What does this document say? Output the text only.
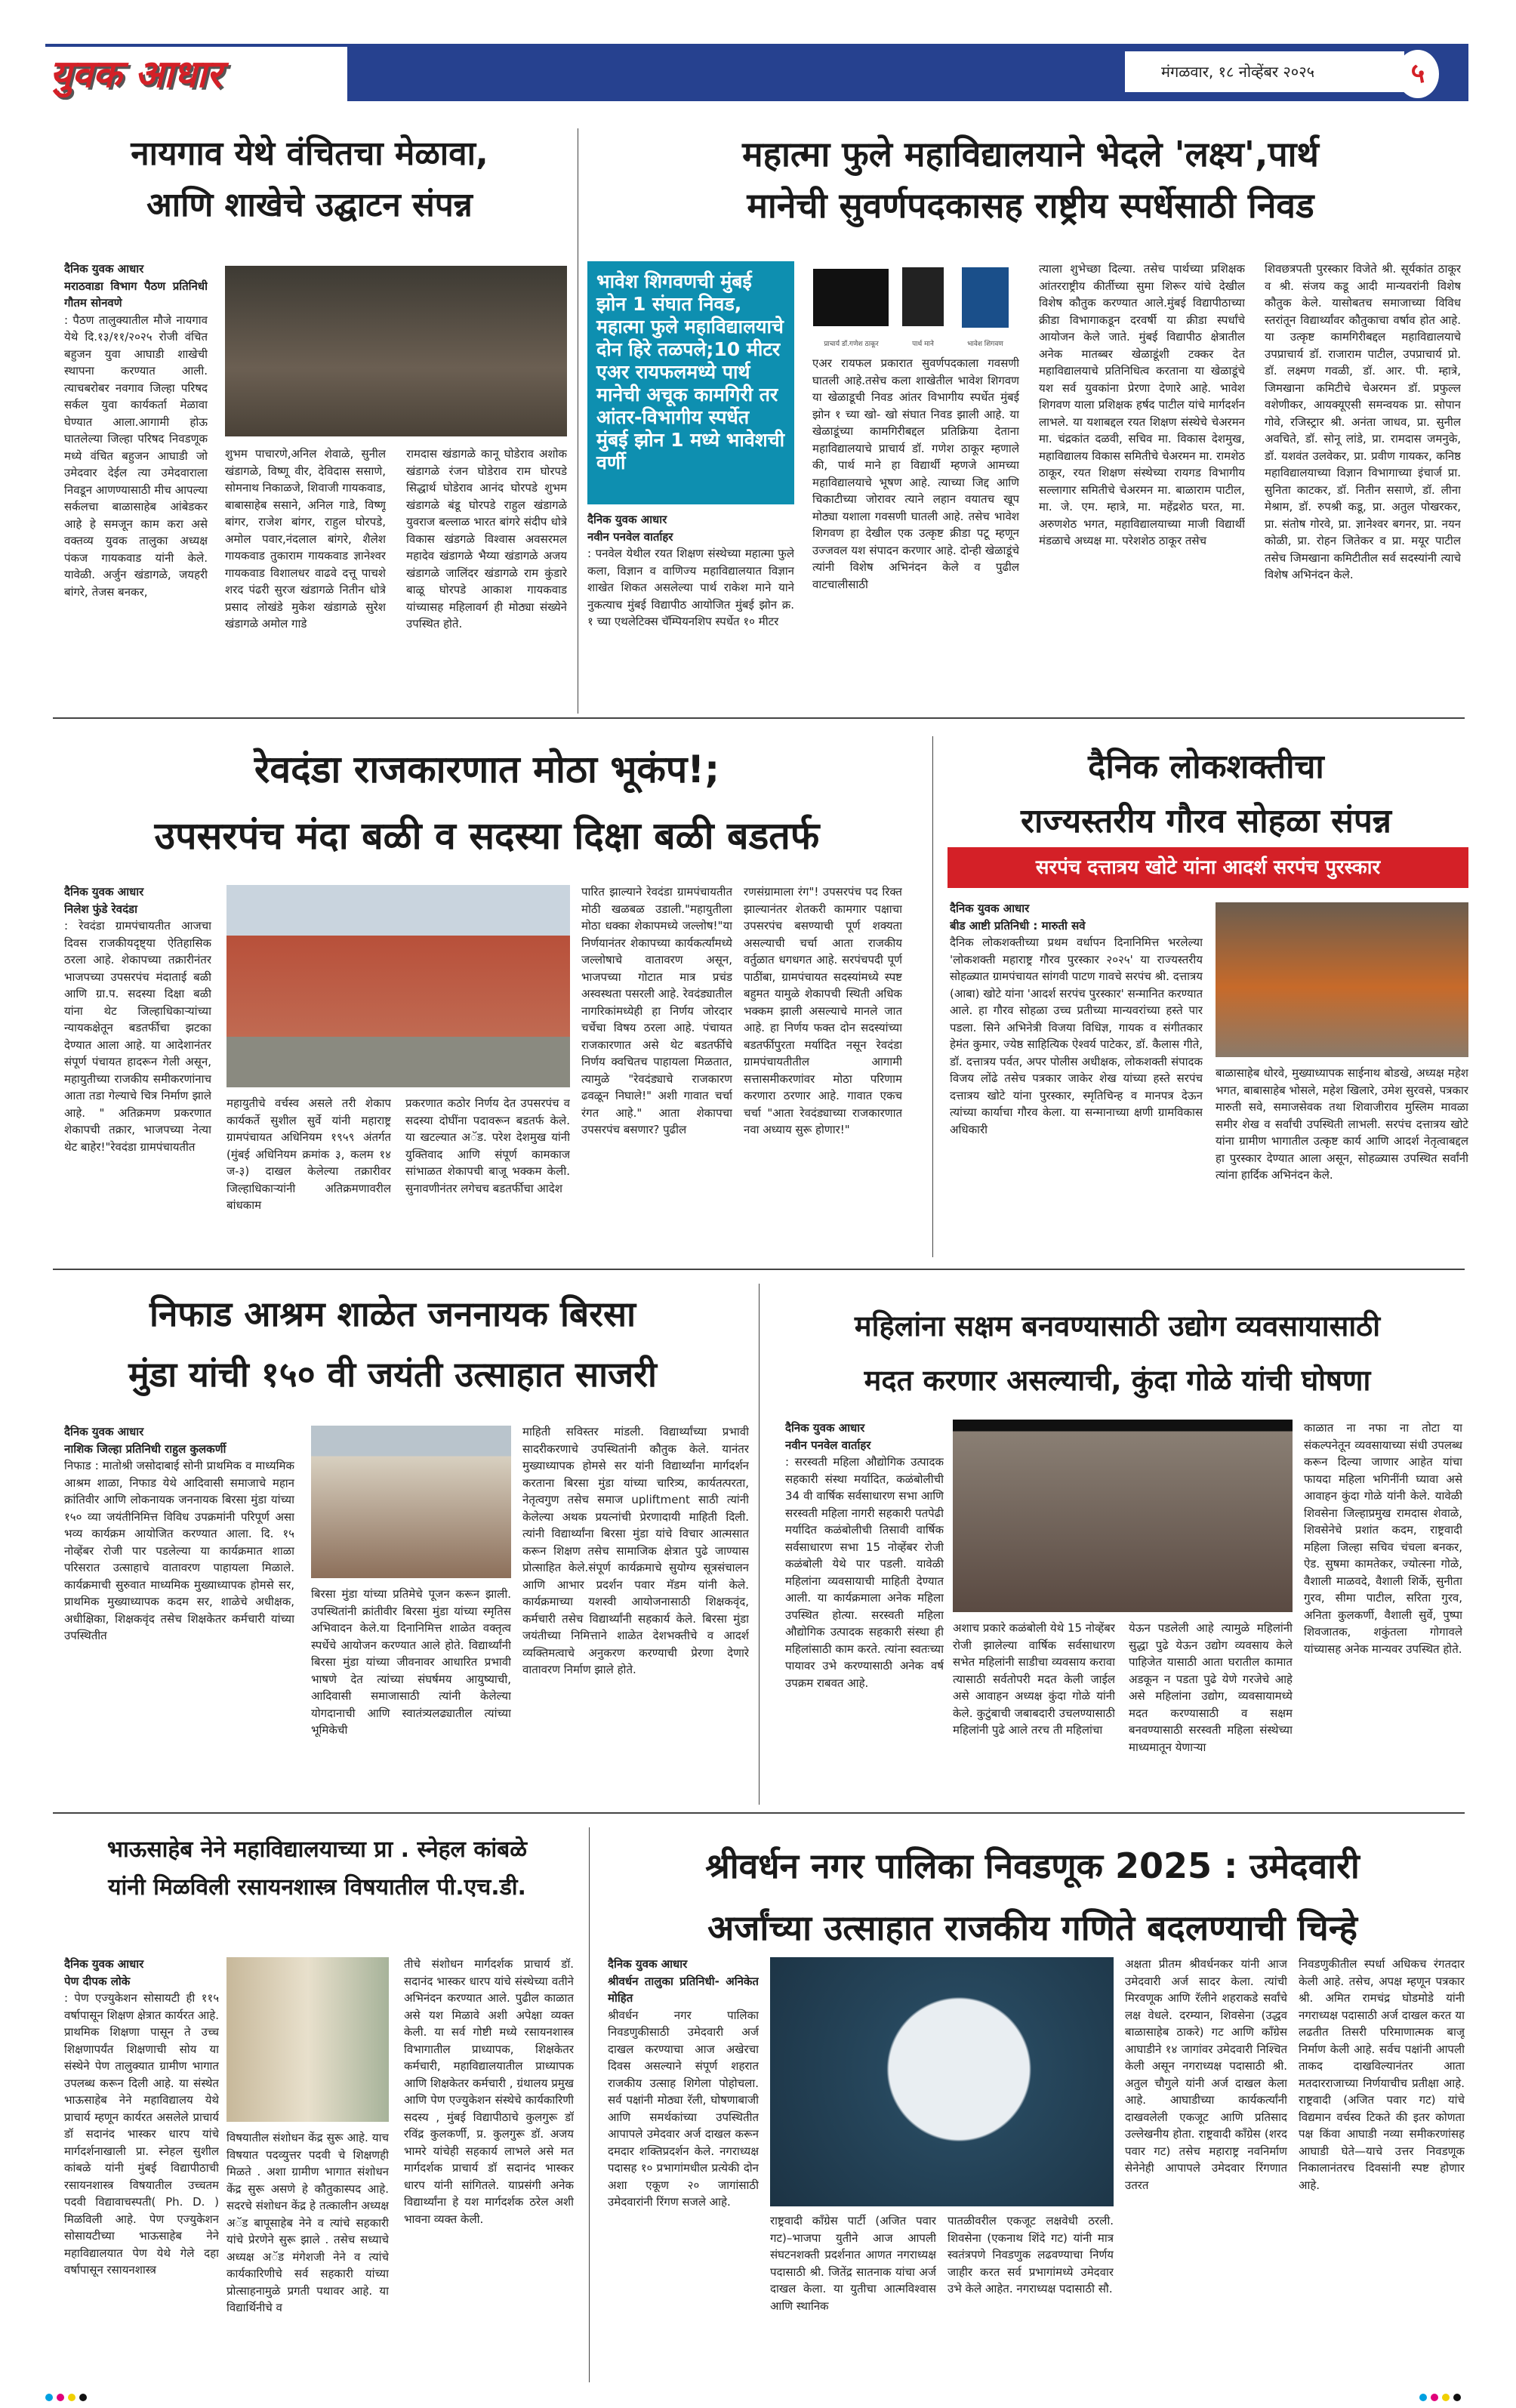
युवक आधार	मंगळवार, १८ नोव्हेंबर २०२५	५
नायगाव येथे वंचितचा मेळावा,
आणि शाखेचे उद्घाटन संपन्न
दैनिक युवक आधार
मराठवाडा विभाग पैठण प्रतिनिधी गौतम सोनवणे
: पैठण तालुक्यातील मौजे नायगाव येथे दि.१३/११/२०२५ रोजी वंचित बहुजन युवा आघाडी शाखेची स्थापना करण्यात आली. त्याचबरोबर नवगाव जिल्हा परिषद सर्कल युवा कार्यकर्ता मेळावा घेण्यात आला.आगामी होऊ घातलेल्या जिल्हा परिषद निवडणूक मध्ये वंचित बहुजन आघाडी जो उमेदवार देईल त्या उमेदवाराला निवडून आणण्यासाठी मीच आपल्या सर्कलचा बाळासाहेब आंबेडकर आहे हे समजून काम करा असे वक्तव्य युवक तालुका अध्यक्ष पंकज गायकवाड यांनी केले. यावेळी. अर्जुन खंडागळे, जयहरी बांगरे, तेजस बनकर,
शुभम पाचारणे,अनिल शेवाळे, सुनील खंडागळे, विष्णू वीर, देविदास ससाणे, सोमनाथ निकाळजे, शिवाजी गायकवाड, बाबासाहेब ससाने, अनिल गाडे, विष्णू बांगर, राजेश बांगर, राहुल घोरपडे, अमोल पवार,नंदलाल बांगरे, शैलेश गायकवाड तुकाराम गायकवाड ज्ञानेश्वर गायकवाड विशालधर वाढवे दत्तू पाचशे शरद पंढरी सुरज खंडागळे नितीन धोत्रे प्रसाद लोखंडे मुकेश खंडागळे सुरेश खंडागळे अमोल गाडे
रामदास खंडागळे कानू घोडेराव अशोक खंडागळे रंजन घोडेराव राम घोरपडे सिद्धार्थ घोडेराव आनंद घोरपडे शुभम खंडागळे बंडू घोरपडे राहुल खंडागळे युवराज बल्लाळ भारत बांगरे संदीप धोत्रे विकास खंडगळे विश्वास अवसरमल महादेव खंडागळे भैय्या खंडागळे अजय खंडागळे जालिंदर खंडागळे राम कुंडारे बाळू घोरपडे आकाश गायकवाड यांच्यासह महिलावर्ग ही मोठ्या संख्येने उपस्थित होते.
महात्मा फुले महाविद्यालयाने भेदले 'लक्ष्य',पार्थ
मानेची सुवर्णपदकासह राष्ट्रीय स्पर्धेसाठी निवड
भावेश शिगवणची मुंबई झोन 1 संघात निवड, महात्मा फुले महाविद्यालयाचे दोन हिरे तळपले;10 मीटर एअर रायफलमध्ये पार्थ मानेची अचूक कामगिरी तर आंतर-विभागीय स्पर्धेत मुंबई झोन 1 मध्ये भावेशची वर्णी
प्राचार्य डॉ.गणेश ठाकूर	पार्थ माने	भावेश शिगवण
दैनिक युवक आधार
नवीन पनवेल वार्ताहर
: पनवेल येथील रयत शिक्षण संस्थेच्या महात्मा फुले कला, विज्ञान व वाणिज्य महाविद्यालयात विज्ञान शाखेत शिकत असलेल्या पार्थ राकेश माने याने नुकत्याच मुंबई विद्यापीठ आयोजित मुंबई झोन क्र. १ च्या एथलेटिक्स चॅम्पियनशिप स्पर्धेत १० मीटर
एअर रायफल प्रकारात सुवर्णपदकाला गवसणी घातली आहे.तसेच कला शाखेतील भावेश शिगवण या खेळाडूची निवड आंतर विभागीय स्पर्धेत मुंबई झोन १ च्या खो- खो संघात निवड झाली आहे. या खेळाडूंच्या कामगिरीबद्दल प्रतिक्रिया देताना महाविद्यालयाचे प्राचार्य डॉ. गणेश ठाकूर म्हणाले की, पार्थ माने हा विद्यार्थी म्हणजे आमच्या महाविद्यालयाचे भूषण आहे. त्याच्या जिद्द आणि चिकाटीच्या जोरावर त्याने लहान वयातच खूप मोठ्या यशाला गवसणी घातली आहे. तसेच भावेश शिगवण हा देखील एक उत्कृष्ट क्रीडा पटू म्हणून उज्जवल यश संपादन करणार आहे. दोन्ही खेळाडूंचे त्यांनी विशेष अभिनंदन केले व पुढील वाटचालीसाठी
त्याला शुभेच्छा दिल्या. तसेच पार्थच्या प्रशिक्षक आंतरराष्ट्रीय कीर्तीच्या सुमा शिरूर यांचे देखील विशेष कौतुक करण्यात आले.मुंबई विद्यापीठाच्या क्रीडा विभागाकडून दरवर्षी या क्रीडा स्पर्धांचे आयोजन केले जाते. मुंबई विद्यापीठ क्षेत्रातील अनेक मातब्बर खेळाडूंशी टक्कर देत महाविद्यालयाचे प्रतिनिधित्व करताना या खेळाडूंचे यश सर्व युवकांना प्रेरणा देणारे आहे. भावेश शिगवण याला प्रशिक्षक हर्षद पाटील यांचे मार्गदर्शन लाभले. या यशाबद्दल रयत शिक्षण संस्थेचे चेअरमन मा. चंद्रकांत दळवी, सचिव मा. विकास देशमुख, महाविद्यालय विकास समितीचे चेअरमन मा. रामशेठ ठाकूर, रयत शिक्षण संस्थेच्या रायगड विभागीय सल्लागार समितीचे चेअरमन मा. बाळाराम पाटील, मा. जे. एम. म्हात्रे, मा. महेंद्रशेठ घरत, मा. अरुणशेठ भगत, महाविद्यालयाच्या माजी विद्यार्थी मंडळाचे अध्यक्ष मा. परेशशेठ ठाकूर तसेच
शिवछत्रपती पुरस्कार विजेते श्री. सूर्यकांत ठाकूर व श्री. संजय कडू आदी मान्यवरांनी विशेष कौतुक केले. यासोबतच समाजाच्या विविध स्तरांतून विद्यार्थ्यांवर कौतुकाचा वर्षाव होत आहे. या उत्कृष्ट कामगिरीबद्दल महाविद्यालयाचे उपप्राचार्य डॉ. राजाराम पाटील, उपप्राचार्य प्रो. डॉ. लक्ष्मण गवळी, डॉ. आर. पी. म्हात्रे, जिमखाना कमिटीचे चेअरमन डॉ. प्रफुल्ल वशेणीकर, आयक्यूएसी समन्वयक प्रा. सोपान गोवे, रजिस्ट्रार श्री. अनंता जाधव, प्रा. सुनील अवचिते, डॉ. सोनू लांडे, प्रा. रामदास जमनुके, डॉ. यशवंत उलवेकर, प्रा. प्रवीण गायकर, कनिष्ठ महाविद्यालयाच्या विज्ञान विभागाच्या इंचार्ज प्रा. सुनिता काटकर, डॉ. नितीन ससाणे, डॉ. लीना मेश्राम, डॉ. रुपश्री कडू, प्रा. अतुल पोखरकर, प्रा. संतोष गोरवे, प्रा. ज्ञानेश्वर बगनर, प्रा. नयन कोळी, प्रा. रोहन जितेकर व प्रा. मयूर पाटील तसेच जिमखाना कमिटीतील सर्व सदस्यांनी त्याचे विशेष अभिनंदन केले.
रेवदंडा राजकारणात मोठा भूकंप!;
उपसरपंच मंदा बळी व सदस्या दिक्षा बळी बडतर्फ
दैनिक युवक आधार
निलेश फुंडे रेवदंडा
: रेवदंडा ग्रामपंचायतीत आजचा दिवस राजकीयदृष्ट्या ऐतिहासिक ठरला आहे. शेकापच्या तक्रारीनंतर भाजपच्या उपसरपंच मंदाताई बळी आणि ग्रा.प. सदस्या दिक्षा बळी यांना थेट जिल्हाधिकाऱ्यांच्या न्यायकक्षेतून बडतर्फीचा झटका देण्यात आला आहे. या आदेशानंतर संपूर्ण पंचायत हादरून गेली असून, महायुतीच्या राजकीय समीकरणांनाच आता तडा गेल्याचे चित्र निर्माण झाले आहे. " अतिक्रमण प्रकरणात शेकापची तक्रार, भाजपच्या नेत्या थेट बाहेर!"रेवदंडा ग्रामपंचायतीत
महायुतीचे वर्चस्व असले तरी शेकाप कार्यकर्ते सुशील सुर्वे यांनी महाराष्ट्र ग्रामपंचायत अधिनियम १९५९ अंतर्गत (मुंबई अधिनियम क्रमांक ३, कलम १४ ज-३) दाखल केलेल्या तक्रारीवर जिल्हाधिकाऱ्यांनी अतिक्रमणावरील बांधकाम
प्रकरणात कठोर निर्णय देत उपसरपंच व सदस्या दोघींना पदावरून बडतर्फ केले. या खटल्यात अॅड. परेश देशमुख यांनी युक्तिवाद आणि संपूर्ण कामकाज सांभाळत शेकापची बाजू भक्कम केली. सुनावणीनंतर लगेचच बडतर्फीचा आदेश
पारित झाल्याने रेवदंडा ग्रामपंचायतीत मोठी खळबळ उडाली."महायुतीला मोठा धक्का शेकापमध्ये जल्लोष!"या निर्णयानंतर शेकापच्या कार्यकर्त्यांमध्ये जल्लोषाचे वातावरण असून, भाजपच्या गोटात मात्र प्रचंड अस्वस्थता पसरली आहे. रेवदंड्यातील नागरिकांमध्येही हा निर्णय जोरदार चर्चेचा विषय ठरला आहे. पंचायत राजकारणात असे थेट बडतर्फीचे निर्णय क्वचितच पाहायला मिळतात, त्यामुळे "रेवदंड्याचे राजकारण ढवळून निघाले!" अशी गावात चर्चा रंगत आहे." आता शेकापचा उपसरपंच बसणार? पुढील
रणसंग्रामाला रंग"! उपसरपंच पद रिक्त झाल्यानंतर शेतकरी कामगार पक्षाचा उपसरपंच बसण्याची पूर्ण शक्यता असल्याची चर्चा आता राजकीय वर्तुळात धगधगत आहे. सरपंचपदी पूर्ण पाठींबा, ग्रामपंचायत सदस्यांमध्ये स्पष्ट बहुमत यामुळे शेकापची स्थिती अधिक भक्कम झाली असल्याचे मानले जात आहे. हा निर्णय फक्त दोन सदस्यांच्या बडतर्फीपुरता मर्यादित नसून रेवदंडा ग्रामपंचायतीतील आगामी सत्तासमीकरणांवर मोठा परिणाम करणारा ठरणार आहे. गावात एकच चर्चा "आता रेवदंड्याच्या राजकारणात नवा अध्याय सुरू होणार!"
दैनिक लोकशक्तीचा
राज्यस्तरीय गौरव सोहळा संपन्न
सरपंच दत्तात्रय खोटे यांना आदर्श सरपंच पुरस्कार
दैनिक युवक आधार
बीड आष्टी प्रतिनिधी : मारुती सवे
दैनिक लोकशक्तीच्या प्रथम वर्धापन दिनानिमित्त भरलेल्या 'लोकशक्ती महाराष्ट्र गौरव पुरस्कार २०२५' या राज्यस्तरीय सोहळ्यात ग्रामपंचायत सांगवी पाटण गावचे सरपंच श्री. दत्तात्रय (आबा) खोटे यांना 'आदर्श सरपंच पुरस्कार' सन्मानित करण्यात आले. हा गौरव सोहळा उच्च प्रतीच्या मान्यवरांच्या हस्ते पार पडला. सिने अभिनेत्री विजया विधिज्ञ, गायक व संगीतकार हेमंत कुमार, ज्येष्ठ साहित्यिक ऐश्वर्य पाटेकर, डॉ. कैलास गीते, डॉ. दत्तात्रय पर्वत, अपर पोलीस अधीक्षक, लोकशक्ती संपादक विजय लोंढे तसेच पत्रकार जाकेर शेख यांच्या हस्ते सरपंच दत्तात्रय खोटे यांना पुरस्कार, स्मृतिचिन्ह व मानपत्र देऊन त्यांच्या कार्याचा गौरव केला. या सन्मानाच्या क्षणी ग्रामविकास अधिकारी
बाळासाहेब धोरवे, मुख्याध्यापक साईनाथ बोडखे, अध्यक्ष महेश भगत, बाबासाहेब भोसले, महेश खिलारे, उमेश सुरवसे, पत्रकार मारुती सवे, समाजसेवक तथा शिवाजीराव मुस्लिम मावळा समीर शेख व सर्वांची उपस्थिती लाभली. सरपंच दत्तात्रय खोटे यांना ग्रामीण भागातील उत्कृष्ट कार्य आणि आदर्श नेतृत्वाबद्दल हा पुरस्कार देण्यात आला असून, सोहळ्यास उपस्थित सर्वांनी त्यांना हार्दिक अभिनंदन केले.
निफाड आश्रम शाळेत जननायक बिरसा
मुंडा यांची १५० वी जयंती उत्साहात साजरी
दैनिक युवक आधार
नाशिक जिल्हा प्रतिनिधी राहुल कुलकर्णी
निफाड : मातोश्री जसोदाबाई सोनी प्राथमिक व माध्यमिक आश्रम शाळा, निफाड येथे आदिवासी समाजाचे महान क्रांतिवीर आणि लोकनायक जननायक बिरसा मुंडा यांच्या १५० व्या जयंतीनिमित्त विविध उपक्रमांनी परिपूर्ण असा भव्य कार्यक्रम आयोजित करण्यात आला. दि. १५ नोव्हेंबर रोजी पार पडलेल्या या कार्यक्रमात शाळा परिसरात उत्साहाचे वातावरण पाहायला मिळाले. कार्यक्रमाची सुरुवात माध्यमिक मुख्याध्यापक होमसे सर, प्राथमिक मुख्याध्यापक कदम सर, शाळेचे अधीक्षक, अधीक्षिका, शिक्षकवृंद तसेच शिक्षकेतर कर्मचारी यांच्या उपस्थितीत
बिरसा मुंडा यांच्या प्रतिमेचे पूजन करून झाली. उपस्थितांनी क्रांतीवीर बिरसा मुंडा यांच्या स्मृतिस अभिवादन केले.या दिनानिमित्त शाळेत वक्तृत्व स्पर्धेचे आयोजन करण्यात आले होते. विद्यार्थ्यांनी बिरसा मुंडा यांच्या जीवनावर आधारित प्रभावी भाषणे देत त्यांच्या संघर्षमय आयुष्याची, आदिवासी समाजासाठी त्यांनी केलेल्या योगदानाची आणि स्वातंत्र्यलढ्यातील त्यांच्या भूमिकेची
माहिती सविस्तर मांडली. विद्यार्थ्यांच्या प्रभावी सादरीकरणाचे उपस्थितांनी कौतुक केले. यानंतर मुख्याध्यापक होमसे सर यांनी विद्यार्थ्यांना मार्गदर्शन करताना बिरसा मुंडा यांच्या चारित्र्य, कार्यतत्परता, नेतृत्वगुण तसेच समाज upliftment साठी त्यांनी केलेल्या अथक प्रयत्नांची प्रेरणादायी माहिती दिली. त्यांनी विद्यार्थ्यांना बिरसा मुंडा यांचे विचार आत्मसात करून शिक्षण तसेच सामाजिक क्षेत्रात पुढे जाण्यास प्रोत्साहित केले.संपूर्ण कार्यक्रमाचे सुयोग्य सूत्रसंचालन आणि आभार प्रदर्शन पवार मॅडम यांनी केले. कार्यक्रमाच्या यशस्वी आयोजनासाठी शिक्षकवृंद, कर्मचारी तसेच विद्यार्थ्यांनी सहकार्य केले. बिरसा मुंडा जयंतीच्या निमित्ताने शाळेत देशभक्तीचे व आदर्श व्यक्तिमत्वाचे अनुकरण करण्याची प्रेरणा देणारे वातावरण निर्माण झाले होते.
महिलांना सक्षम बनवण्यासाठी उद्योग व्यवसायासाठी
मदत करणार असल्याची, कुंदा गोळे यांची घोषणा
दैनिक युवक आधार
नवीन पनवेल वार्ताहर
: सरस्वती महिला औद्योगिक उत्पादक सहकारी संस्था मर्यादित, कळंबोलीची 34 वी वार्षिक सर्वसाधारण सभा आणि सरस्वती महिला नागरी सहकारी पतपेढी मर्यादित कळंबोलीची तिसावी वार्षिक सर्वसाधारण सभा 15 नोव्हेंबर रोजी कळंबोली येथे पार पडली. यावेळी महिलांना व्यवसायाची माहिती देण्यात आली. या कार्यक्रमाला अनेक महिला उपस्थित होत्या. सरस्वती महिला औद्योगिक उत्पादक सहकारी संस्था ही महिलांसाठी काम करते. त्यांना स्वतःच्या पायावर उभे करण्यासाठी अनेक वर्ष उपक्रम राबवत आहे.
अशाच प्रकारे कळंबोली येथे 15 नोव्हेंबर रोजी झालेल्या वार्षिक सर्वसाधारण सभेत महिलांनी साडीचा व्यवसाय करावा त्यासाठी सर्वतोपरी मदत केली जाईल असे आवाहन अध्यक्ष कुंदा गोळे यांनी केले. कुटुंबाची जबाबदारी उचलण्यासाठी महिलांनी पुढे आले तरच ती महिलांचा
येऊन पडलेली आहे त्यामुळे महिलांनी सुद्धा पुढे येऊन उद्योग व्यवसाय केले पाहिजेत यासाठी आता घरातील कामात अडकून न पडता पुढे येणे गरजेचे आहे असे महिलांना उद्योग, व्यवसायामध्ये मदत करण्यासाठी व सक्षम बनवण्यासाठी सरस्वती महिला संस्थेच्या माध्यमातून येणाऱ्या
काळात ना नफा ना तोटा या संकल्पनेतून व्यवसायाच्या संधी उपलब्ध करून दिल्या जाणार आहेत यांचा फायदा महिला भगिनींनी घ्यावा असे आवाहन कुंदा गोळे यांनी केले. यावेळी शिवसेना जिल्हाप्रमुख रामदास शेवाळे, शिवसेनेचे प्रशांत कदम, राष्ट्रवादी महिला जिल्हा सचिव चंचला बनकर, ऐड. सुषमा कामतेकर, ज्योत्स्ना गोळे, वैशाली माळवदे, वैशाली शिर्के, सुनीता गुरव, सीमा पाटील, सरिता गुरव, अनिता कुलकर्णी, वैशाली सुर्वे, पुष्पा शिवजातक, शकुंतला गोगावले यांच्यासह अनेक मान्यवर उपस्थित होते.
भाऊसाहेब नेने महाविद्यालयाच्या प्रा . स्नेहल कांबळे
यांनी मिळविली रसायनशास्त्र विषयातील पी.एच.डी.
दैनिक युवक आधार
पेण दीपक लोके
: पेण एज्युकेशन सोसायटी ही ११५ वर्षापासून शिक्षण क्षेत्रात कार्यरत आहे. प्राथमिक शिक्षणा पासून ते उच्च शिक्षणापर्यंत शिक्षणाची सोय या संस्थेने पेण तालुक्यात ग्रामीण भागात उपलब्ध करून दिली आहे. या संस्थेत भाऊसाहेब नेने महाविद्यालय येथे प्राचार्य म्हणून कार्यरत असलेले प्राचार्य डॉ सदानंद भास्कर धारप यांचे मार्गदर्शनाखाली प्रा. स्नेहल सुशील कांबळे यांनी मुंबई विद्यापीठाची रसायनशास्त्र विषयातील उच्चतम पदवी विद्यावाचस्पती( Ph. D. ) मिळविली आहे. पेण एज्युकेशन सोसायटीच्या भाऊसाहेब नेने महाविद्यालयात पेण येथे गेले दहा वर्षापासून रसायनशास्त्र
विषयातील संशोधन केंद्र सुरू आहे. याच विषयात पदव्युत्तर पदवी चे शिक्षणही मिळते . अशा ग्रामीण भागात संशोधन केंद्र सुरू असणे हे कौतुकास्पद आहे. सदरचे संशोधन केंद्र हे तत्कालीन अध्यक्ष अॅड बापूसाहेब नेने व त्यांचे सहकारी यांचे प्रेरणेने सुरू झाले . तसेच सध्याचे अध्यक्ष अॅड मंगेशजी नेने व त्यांचे कार्यकारिणीचे सर्व सहकारी यांच्या प्रोत्साहनामुळे प्रगती पथावर आहे. या विद्यार्थिनीचे व
तीचे संशोधन मार्गदर्शक प्राचार्य डॉ. सदानंद भास्कर धारप यांचे संस्थेच्या वतीने अभिनंदन करण्यात आले. पुढील काळात असे यश मिळावे अशी अपेक्षा व्यक्त केली. या सर्व गोष्टी मध्ये रसायनशास्त्र विभागातील प्राध्यापक, शिक्षकेतर कर्मचारी, महाविद्यालयातील प्राध्यापक आणि शिक्षकेतर कर्मचारी , ग्रंथालय प्रमुख आणि पेण एज्युकेशन संस्थेचे कार्यकारिणी सदस्य , मुंबई विद्यापीठाचे कुलगुरू डॉ रविंद्र कुलकर्णी, प्र. कुलगुरू डॉ. अजय भामरे यांचेही सहकार्य लाभले असे मत मार्गदर्शक प्राचार्य डॉ सदानंद भास्कर धारप यांनी सांगितले. याप्रसंगी अनेक विद्यार्थ्यांना हे यश मार्गदर्शक ठरेल अशी भावना व्यक्त केली.
श्रीवर्धन नगर पालिका निवडणूक 2025 : उमेदवारी
अर्जांच्या उत्साहात राजकीय गणिते बदलण्याची चिन्हे
दैनिक युवक आधार
श्रीवर्धन तालुका प्रतिनिधी- अनिकेत मोहित
श्रीवर्धन नगर पालिका निवडणुकीसाठी उमेदवारी अर्ज दाखल करण्याचा आज अखेरचा दिवस असल्याने संपूर्ण शहरात राजकीय उत्साह शिगेला पोहोचला. सर्व पक्षांनी मोठ्या रॅली, घोषणाबाजी आणि समर्थकांच्या उपस्थितीत आपापले उमेदवार अर्ज दाखल करून दमदार शक्तिप्रदर्शन केले. नगराध्यक्ष पदासह १० प्रभागांमधील प्रत्येकी दोन अशा एकूण २० जागांसाठी उमेदवारांनी रिंगण सजले आहे.
राष्ट्रवादी काँग्रेस पार्टी (अजित पवार गट)–भाजपा युतीने आज आपली संघटनशक्ती प्रदर्शनात आणत नगराध्यक्ष पदासाठी श्री. जितेंद्र सातनाक यांचा अर्ज दाखल केला. या युतीचा आत्मविश्वास आणि स्थानिक
पातळीवरील एकजूट लक्षवेधी ठरली. शिवसेना (एकनाथ शिंदे गट) यांनी मात्र स्वतंत्रपणे निवडणुक लढवण्याचा निर्णय जाहीर करत सर्व प्रभागांमध्ये उमेदवार उभे केले आहेत. नगराध्यक्ष पदासाठी सौ.
अक्षता प्रीतम श्रीवर्धनकर यांनी आज उमेदवारी अर्ज सादर केला. त्यांची मिरवणूक आणि रॅलीने शहराकडे सर्वांचे लक्ष वेधले. दरम्यान, शिवसेना (उद्धव बाळासाहेब ठाकरे) गट आणि काँग्रेस आघाडीने १४ जागांवर उमेदवारी निश्चित केली असून नगराध्यक्ष पदासाठी श्री. अतुल चौगुले यांनी अर्ज दाखल केला आहे. आघाडीच्या कार्यकर्त्यांनी दाखवलेली एकजूट आणि प्रतिसाद उल्लेखनीय होता. राष्ट्रवादी काँग्रेस (शरद पवार गट) तसेच महाराष्ट्र नवनिर्माण सेनेनेही आपापले उमेदवार रिंगणात उतरत
निवडणुकीतील स्पर्धा अधिकच रंगतदार केली आहे. तसेच, अपक्ष म्हणून पत्रकार श्री. अमित रामचंद्र घोडमोडे यांनी नगराध्यक्ष पदासाठी अर्ज दाखल करत या लढतीत तिसरी परिमाणात्मक बाजू निर्माण केली आहे. सर्वच पक्षांनी आपली ताकद दाखविल्यानंतर आता मतदारराजाच्या निर्णयाचीच प्रतीक्षा आहे. राष्ट्रवादी (अजित पवार गट) यांचे विद्यमान वर्चस्व टिकते की इतर कोणता पक्ष किंवा आघाडी नव्या समीकरणांसह आघाडी घेते—याचे उत्तर निवडणूक निकालानंतरच दिवसांनी स्पष्ट होणार आहे.
